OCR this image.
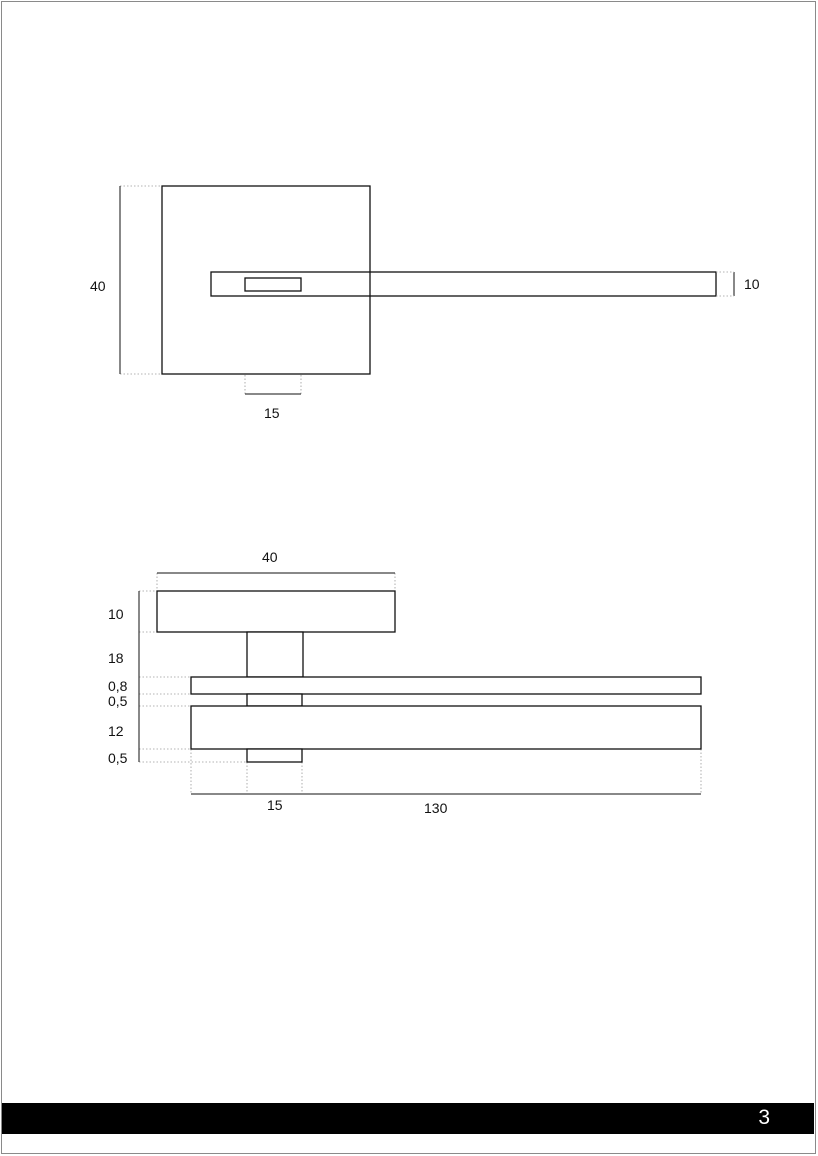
40	10
15
40
10
18
0,8
0,5
12
0,5
15	130
3
